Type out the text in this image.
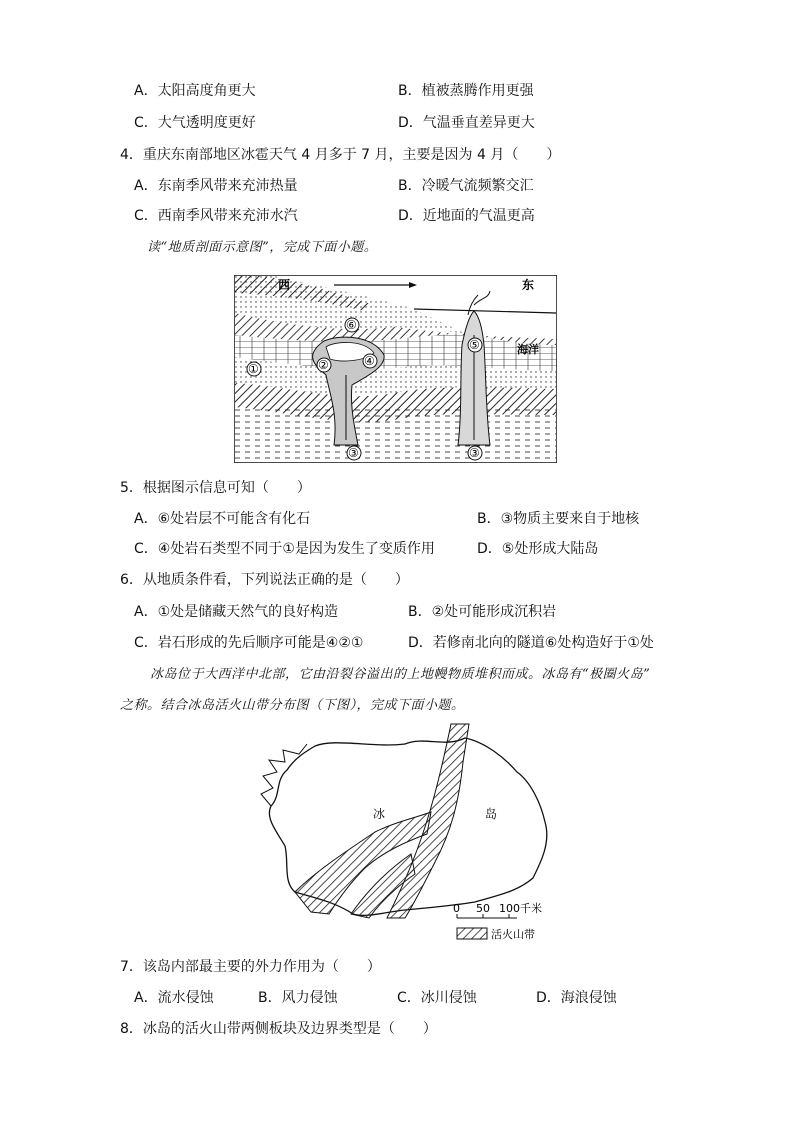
A．太阳高度角更大	B．植被蒸腾作用更强
C．大气透明度更好	D．气温垂直差异更大
4．重庆东南部地区冰雹天气 4 月多于 7 月，主要是因为 4 月（　　）
A．东南季风带来充沛热量	B．冷暖气流频繁交汇
C．西南季风带来充沛水汽	D．近地面的气温更高
读“地质剖面示意图”，完成下面小题。
西	东
海洋
①	②
③	③
④
⑤
⑥
5．根据图示信息可知（　　）
A．⑥处岩层不可能含有化石	B．③物质主要来自于地核
C．④处岩石类型不同于①是因为发生了变质作用	D．⑤处形成大陆岛
6．从地质条件看，下列说法正确的是（　　）
A．①处是储藏天然气的良好构造	B．②处可能形成沉积岩
C．岩石形成的先后顺序可能是④②①	D．若修南北向的隧道⑥处构造好于①处
冰岛位于大西洋中北部，它由沿裂谷溢出的上地幔物质堆积而成。冰岛有“极圈火岛”
之称。结合冰岛活火山带分布图（下图），完成下面小题。
冰	岛
0 50 100千米
活火山带
7．该岛内部最主要的外力作用为（　　）
A．流水侵蚀	B．风力侵蚀	C．冰川侵蚀	D．海浪侵蚀
8．冰岛的活火山带两侧板块及边界类型是（　　）
